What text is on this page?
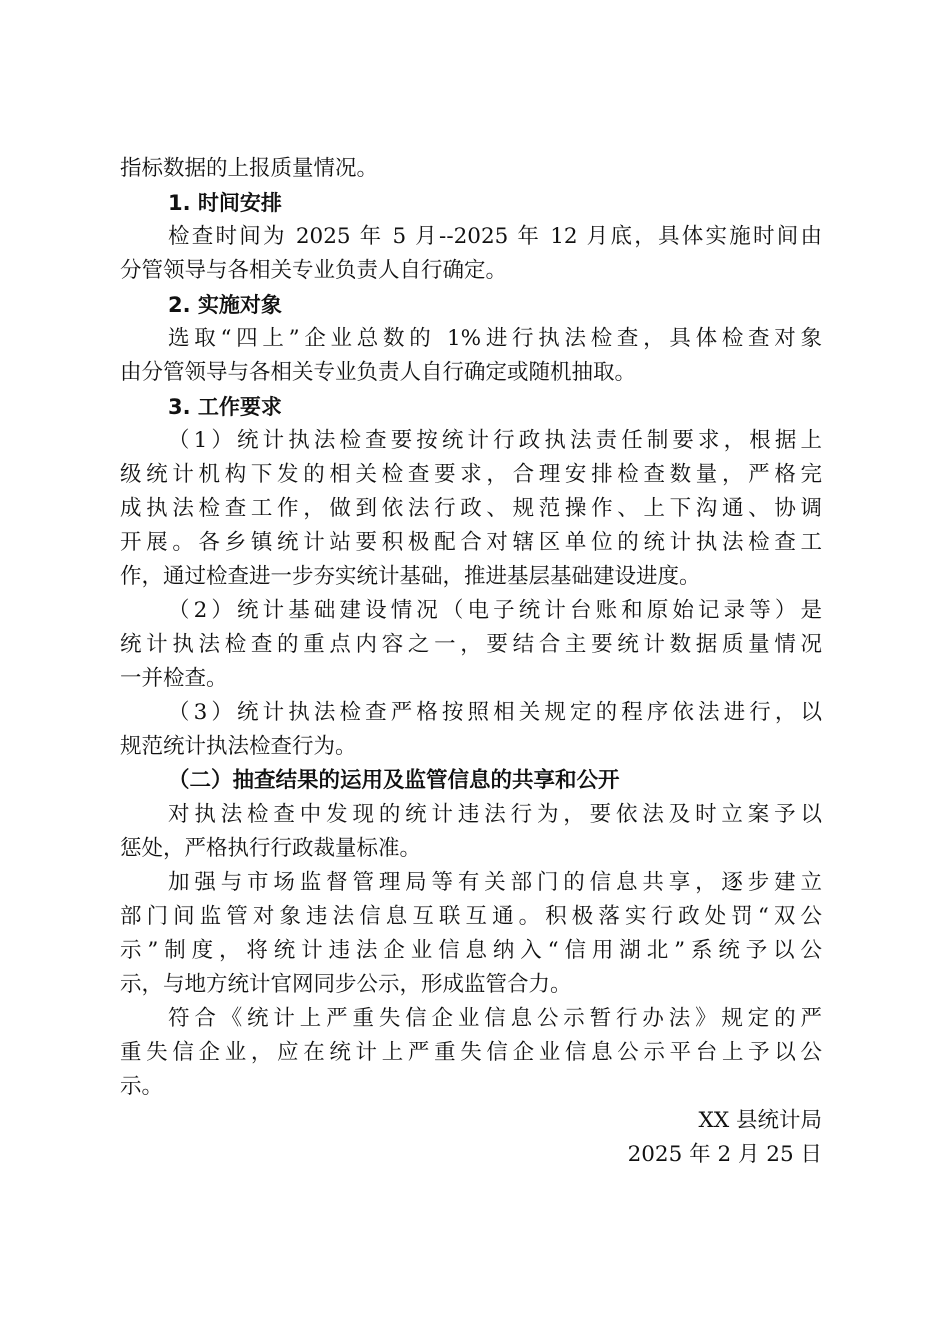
指标数据的上报质量情况。
1. 时间安排
检查时间为 2025 年 5 月--2025 年 12 月底，具体实施时间由
分管领导与各相关专业负责人自行确定。
2. 实施对象
选取“四上”企业总数的 1%进行执法检查，具体检查对象
由分管领导与各相关专业负责人自行确定或随机抽取。
3. 工作要求
（1）统计执法检查要按统计行政执法责任制要求，根据上
级统计机构下发的相关检查要求，合理安排检查数量，严格完
成执法检查工作，做到依法行政、规范操作、上下沟通、协调
开展。各乡镇统计站要积极配合对辖区单位的统计执法检查工
作，通过检查进一步夯实统计基础，推进基层基础建设进度。
（2）统计基础建设情况（电子统计台账和原始记录等）是
统计执法检查的重点内容之一，要结合主要统计数据质量情况
一并检查。
（3）统计执法检查严格按照相关规定的程序依法进行，以
规范统计执法检查行为。
（二）抽查结果的运用及监管信息的共享和公开
对执法检查中发现的统计违法行为，要依法及时立案予以
惩处，严格执行行政裁量标准。
加强与市场监督管理局等有关部门的信息共享，逐步建立
部门间监管对象违法信息互联互通。积极落实行政处罚“双公
示”制度，将统计违法企业信息纳入“信用湖北”系统予以公
示，与地方统计官网同步公示，形成监管合力。
符合《统计上严重失信企业信息公示暂行办法》规定的严
重失信企业，应在统计上严重失信企业信息公示平台上予以公
示。
XX 县统计局
2025 年 2 月 25 日
